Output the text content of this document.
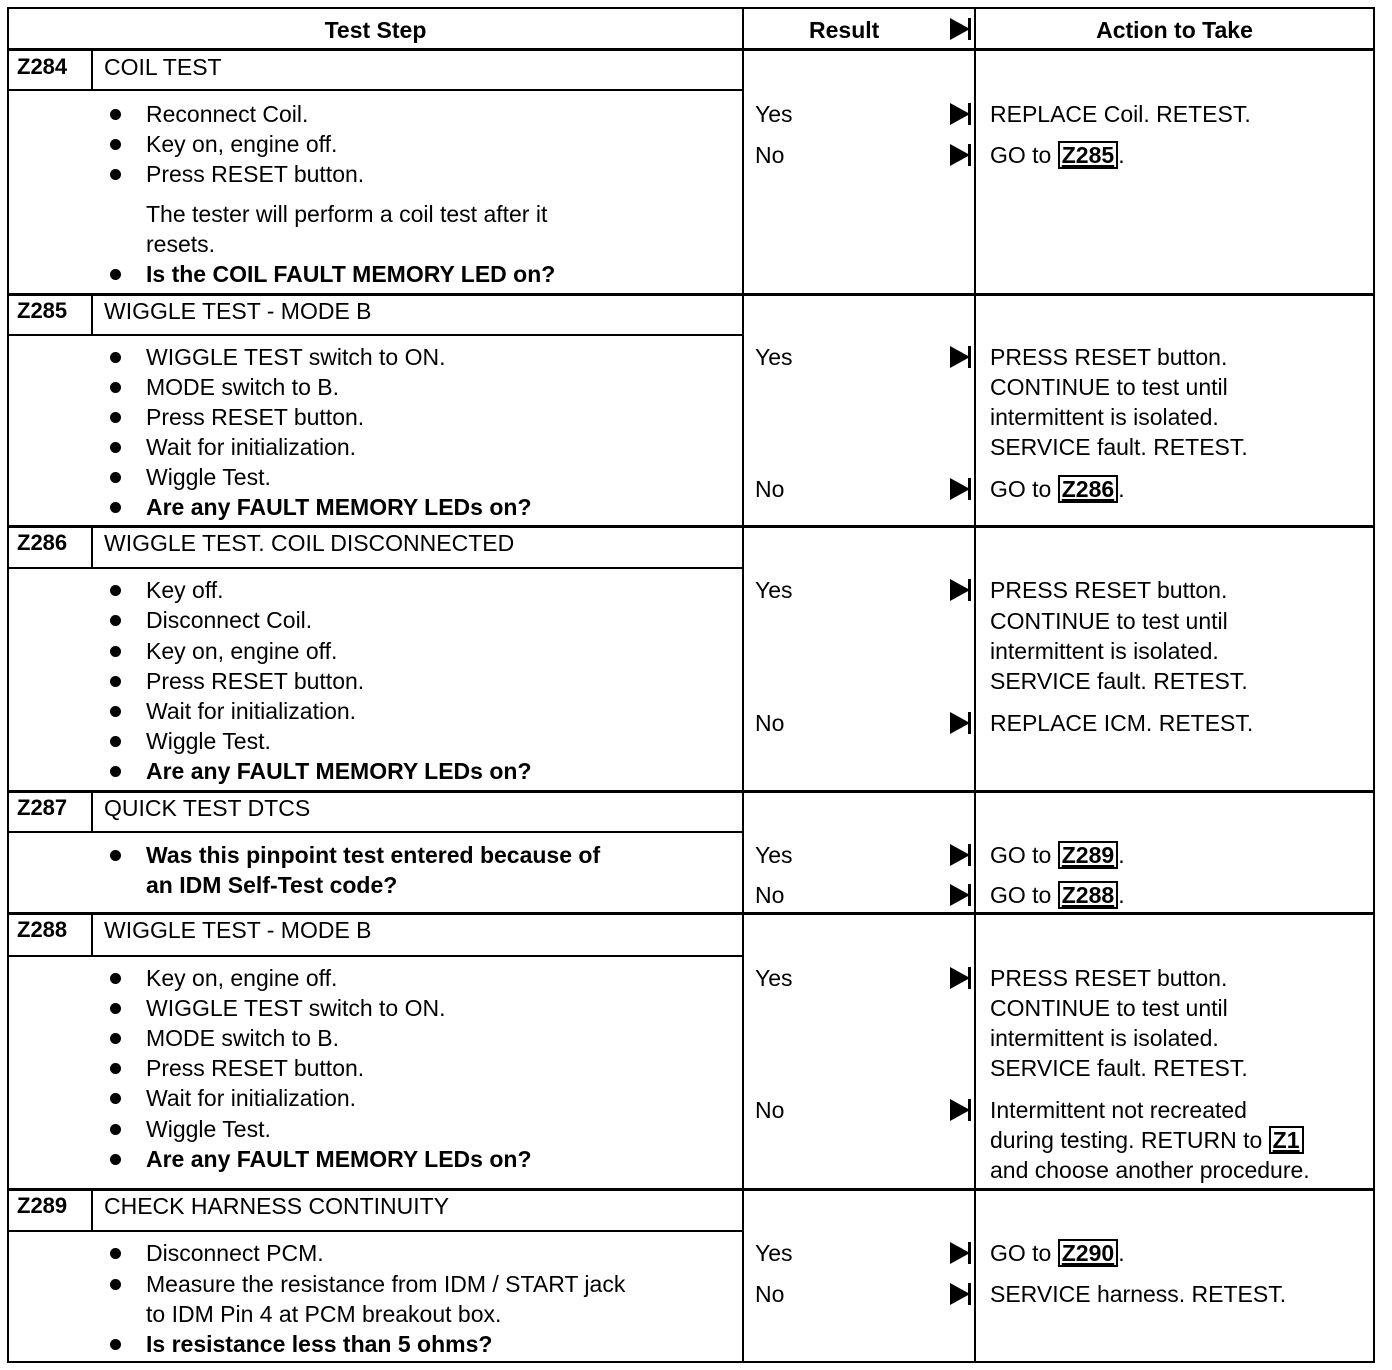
Test Step	Result	Action to Take
Z284 COIL TEST
Reconnect Coil.
Key on, engine off.
Press RESET button.
The tester will perform a coil test after it
resets.
Is the COIL FAULT MEMORY LED on?
Yes	REPLACE Coil. RETEST.
No	GO to Z285 .
Z285 WIGGLE TEST - MODE B
WIGGLE TEST switch to ON.
MODE switch to B.
Press RESET button.
Wait for initialization.
Wiggle Test.
Are any FAULT MEMORY LEDs on?
Yes	PRESS RESET button.
CONTINUE to test until
intermittent is isolated.
SERVICE fault. RETEST.
No	GO to Z286 .
Z286 WIGGLE TEST. COIL DISCONNECTED
Key off.
Disconnect Coil.
Key on, engine off.
Press RESET button.
Wait for initialization.
Wiggle Test.
Are any FAULT MEMORY LEDs on?
Yes	PRESS RESET button.
CONTINUE to test until
intermittent is isolated.
SERVICE fault. RETEST.
No	REPLACE ICM. RETEST.
Z287 QUICK TEST DTCS
Was this pinpoint test entered because of
an IDM Self-Test code?
Yes	GO to Z289 .
No	GO to Z288 .
Z288 WIGGLE TEST - MODE B
Key on, engine off.
WIGGLE TEST switch to ON.
MODE switch to B.
Press RESET button.
Wait for initialization.
Wiggle Test.
Are any FAULT MEMORY LEDs on?
Yes	PRESS RESET button.
CONTINUE to test until
intermittent is isolated.
SERVICE fault. RETEST.
No	Intermittent not recreated
during testing. RETURN to Z1
and choose another procedure.
Z289 CHECK HARNESS CONTINUITY
Disconnect PCM.
Measure the resistance from IDM / START jack
to IDM Pin 4 at PCM breakout box.
Is resistance less than 5 ohms?
Yes	GO to Z290 .
No	SERVICE harness. RETEST.
